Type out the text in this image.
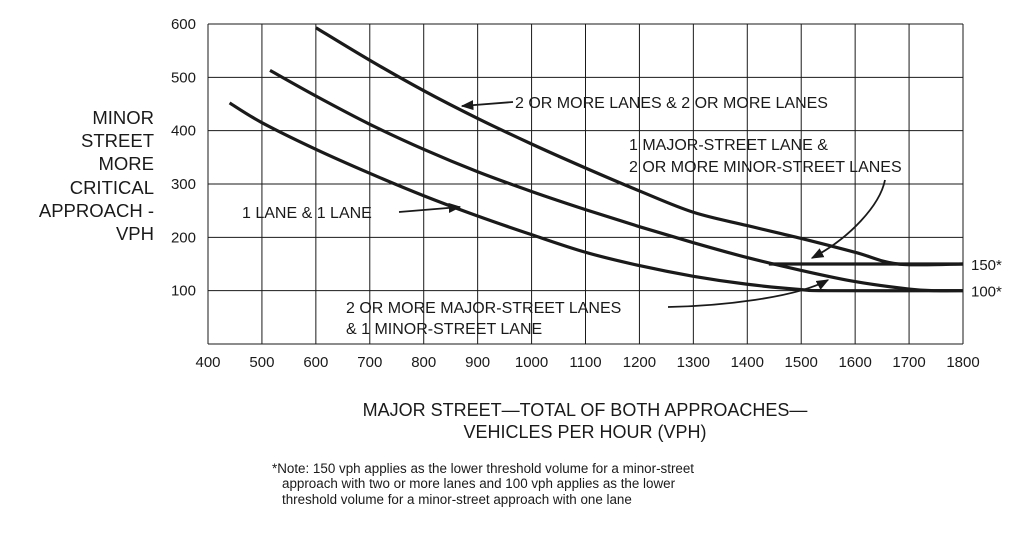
400 500 600 700 800 900 1000 1100 1200 1300 1400 1500 1600 1700 1800
100
200
300
400
500
600
150*
100*
2 OR MORE LANES & 2 OR MORE LANES
1 MAJOR-STREET LANE &
2 OR MORE MINOR-STREET LANES
1 LANE & 1 LANE
2 OR MORE MAJOR-STREET LANES
& 1 MINOR-STREET LANE
MINOR
STREET
MORE
CRITICAL
APPROACH -
VPH
MAJOR STREET—TOTAL OF BOTH APPROACHES—
VEHICLES PER HOUR (VPH)
*Note: 150 vph applies as the lower threshold volume for a minor-street
approach with two or more lanes and 100 vph applies as the lower
threshold volume for a minor-street approach with one lane
